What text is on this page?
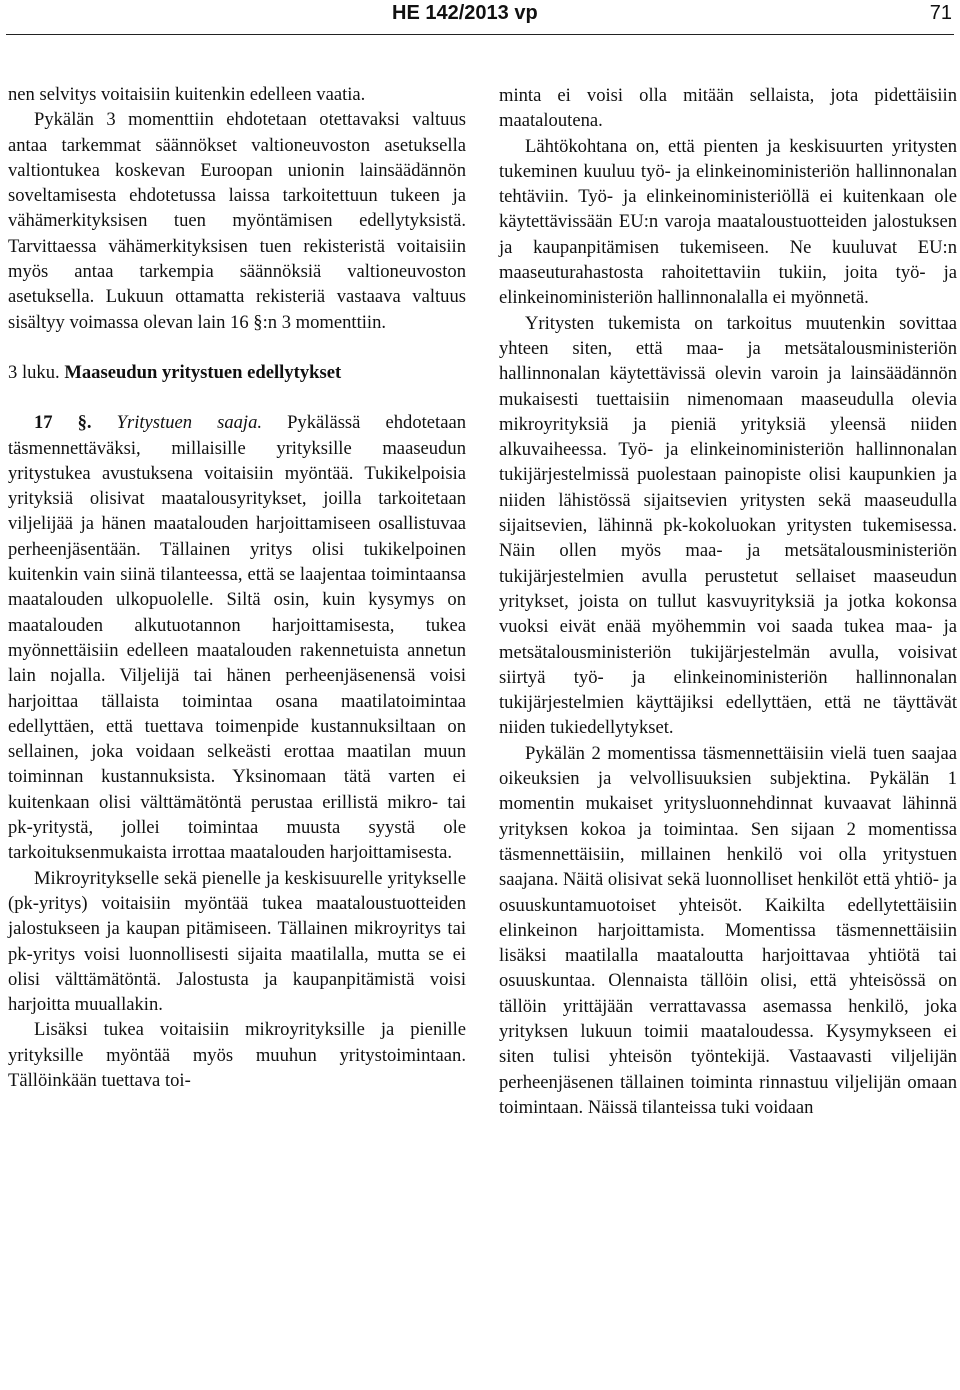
HE 142/2013 vp	71

nen selvitys voitaisiin kuitenkin edelleen vaatia.

Pykälän 3 momenttiin ehdotetaan otettavaksi valtuus antaa tarkemmat säännökset valtioneuvoston asetuksella valtiontukea koskevan Euroopan unionin lainsäädännön soveltamisesta ehdotetussa laissa tarkoitettuun tukeen ja vähämerkityksisen tuen myöntämisen edellytyksistä. Tarvittaessa vähämerkityksisen tuen rekisteristä voitaisiin myös antaa tarkempia säännöksiä valtioneuvoston asetuksella. Lukuun ottamatta rekisteriä vastaava valtuus sisältyy voimassa olevan lain 16 §:n 3 momenttiin.

3 luku. Maaseudun yritystuen edellytykset

17 §. Yritystuen saaja. Pykälässä ehdotetaan täsmennettäväksi, millaisille yrityksille maaseudun yritystukea avustuksena voitaisiin myöntää. Tukikelpoisia yrityksiä olisivat maatalousyritykset, joilla tarkoitetaan viljelijää ja hänen maatalouden harjoittamiseen osallistuvaa perheenjäsentään. Tällainen yritys olisi tukikelpoinen kuitenkin vain siinä tilanteessa, että se laajentaa toimintaansa maatalouden ulkopuolelle. Siltä osin, kuin kysymys on maatalouden alkutuotannon harjoittamisesta, tukea myönnettäisiin edelleen maatalouden rakennetuista annetun lain nojalla. Viljelijä tai hänen perheenjäsenensä voisi harjoittaa tällaista toimintaa osana maatilatoimintaa edellyttäen, että tuettava toimenpide kustannuksiltaan on sellainen, joka voidaan selkeästi erottaa maatilan muun toiminnan kustannuksista. Yksinomaan tätä varten ei kuitenkaan olisi välttämätöntä perustaa erillistä mikro- tai pk-yritystä, jollei toimintaa muusta syystä ole tarkoituksenmukaista irrottaa maatalouden harjoittamisesta.

Mikroyritykselle sekä pienelle ja keskisuurelle yritykselle (pk-yritys) voitaisiin myöntää tukea maataloustuotteiden jalostukseen ja kaupan pitämiseen. Tällainen mikroyritys tai pk-yritys voisi luonnollisesti sijaita maatilalla, mutta se ei olisi välttämätöntä. Jalostusta ja kaupanpitämistä voisi harjoitta muuallakin.

Lisäksi tukea voitaisiin mikroyrityksille ja pienille yrityksille myöntää myös muuhun yritystoimintaan. Tällöinkään tuettava toi-

minta ei voisi olla mitään sellaista, jota pidettäisiin maataloutena.

Lähtökohtana on, että pienten ja keskisuurten yritysten tukeminen kuuluu työ- ja elinkeinoministeriön hallinnonalan tehtäviin. Työ- ja elinkeinoministeriöllä ei kuitenkaan ole käytettävissään EU:n varoja maataloustuotteiden jalostuksen ja kaupanpitämisen tukemiseen. Ne kuuluvat EU:n maaseuturahastosta rahoitettaviin tukiin, joita työ- ja elinkeinoministeriön hallinnonalalla ei myönnetä.

Yritysten tukemista on tarkoitus muutenkin sovittaa yhteen siten, että maa- ja metsätalousministeriön hallinnonalan käytettävissä olevin varoin ja lainsäädännön mukaisesti tuettaisiin nimenomaan maaseudulla olevia mikroyrityksiä ja pieniä yrityksiä yleensä niiden alkuvaiheessa. Työ- ja elinkeinoministeriön hallinnonalan tukijärjestelmissä puolestaan painopiste olisi kaupunkien ja niiden lähistössä sijaitsevien yritysten sekä maaseudulla sijaitsevien, lähinnä pk-kokoluokan yritysten tukemisessa. Näin ollen myös maa- ja metsätalousministeriön tukijärjestelmien avulla perustetut sellaiset maaseudun yritykset, joista on tullut kasvuyrityksiä ja jotka kokonsa vuoksi eivät enää myöhemmin voi saada tukea maa- ja metsätalousministeriön tukijärjestelmän avulla, voisivat siirtyä työ- ja elinkeinoministeriön hallinnonalan tukijärjestelmien käyttäjiksi edellyttäen, että ne täyttävät niiden tukiedellytykset.

Pykälän 2 momentissa täsmennettäisiin vielä tuen saajaa oikeuksien ja velvollisuuksien subjektina. Pykälän 1 momentin mukaiset yritysluonnehdinnat kuvaavat lähinnä yrityksen kokoa ja toimintaa. Sen sijaan 2 momentissa täsmennettäisiin, millainen henkilö voi olla yritystuen saajana. Näitä olisivat sekä luonnolliset henkilöt että yhtiö- ja osuuskuntamuotoiset yhteisöt. Kaikilta edellytettäisiin elinkeinon harjoittamista. Momentissa täsmennettäisiin lisäksi maatilalla maataloutta harjoittavaa yhtiötä tai osuuskuntaa. Olennaista tällöin olisi, että yhteisössä on tällöin yrittäjään verrattavassa asemassa henkilö, joka yrityksen lukuun toimii maataloudessa. Kysymykseen ei siten tulisi yhteisön työntekijä. Vastaavasti viljelijän perheenjäsenen tällainen toiminta rinnastuu viljelijän omaan toimintaan. Näissä tilanteissa tuki voidaan
